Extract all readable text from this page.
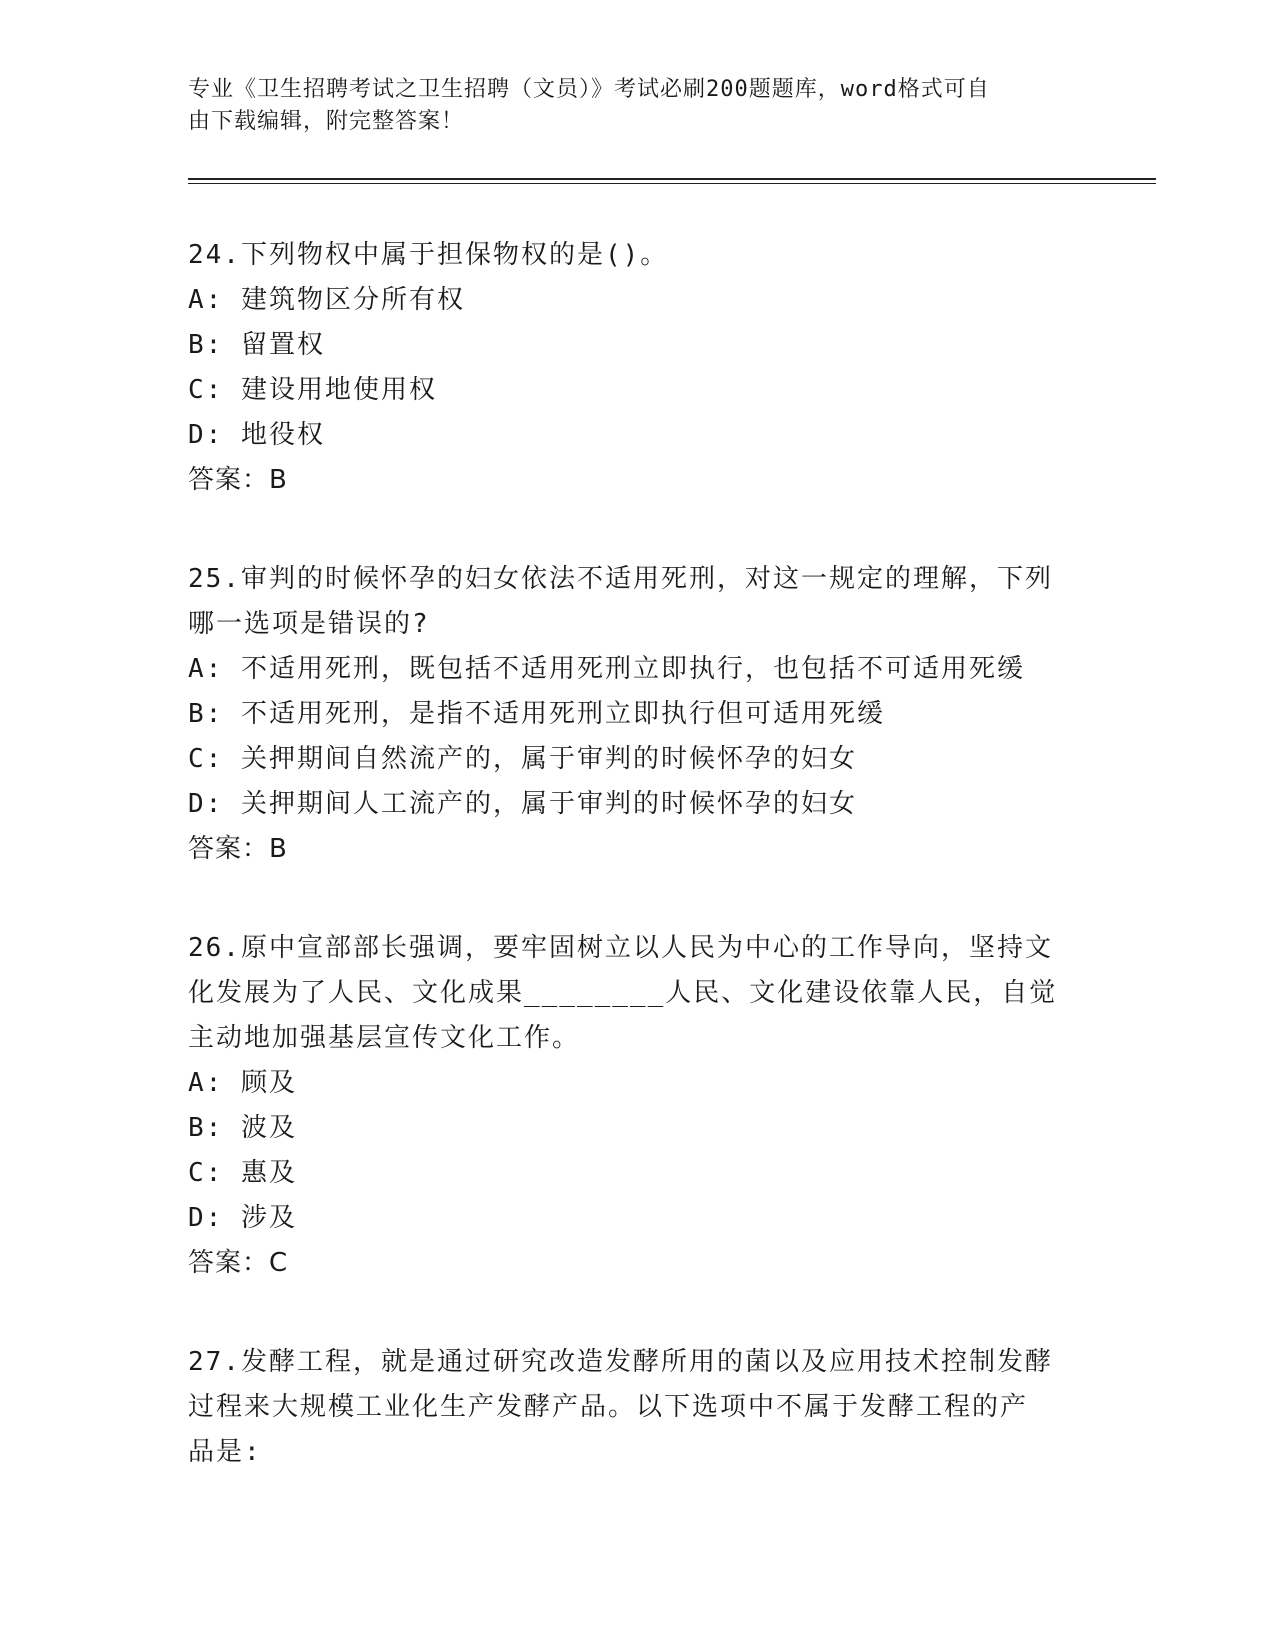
专业《卫生招聘考试之卫生招聘（文员）》考试必刷200题题库，word格式可自
由下载编辑，附完整答案！
24.下列物权中属于担保物权的是()。
A: 建筑物区分所有权
B: 留置权
C: 建设用地使用权
D: 地役权
答案：B
25.审判的时候怀孕的妇女依法不适用死刑，对这一规定的理解，下列
哪一选项是错误的?
A: 不适用死刑，既包括不适用死刑立即执行，也包括不可适用死缓
B: 不适用死刑，是指不适用死刑立即执行但可适用死缓
C: 关押期间自然流产的，属于审判的时候怀孕的妇女
D: 关押期间人工流产的，属于审判的时候怀孕的妇女
答案：B
26.原中宣部部长强调，要牢固树立以人民为中心的工作导向，坚持文
化发展为了人民、文化成果________人民、文化建设依靠人民，自觉
主动地加强基层宣传文化工作。
A: 顾及
B: 波及
C: 惠及
D: 涉及
答案：C
27.发酵工程，就是通过研究改造发酵所用的菌以及应用技术控制发酵
过程来大规模工业化生产发酵产品。以下选项中不属于发酵工程的产
品是:
